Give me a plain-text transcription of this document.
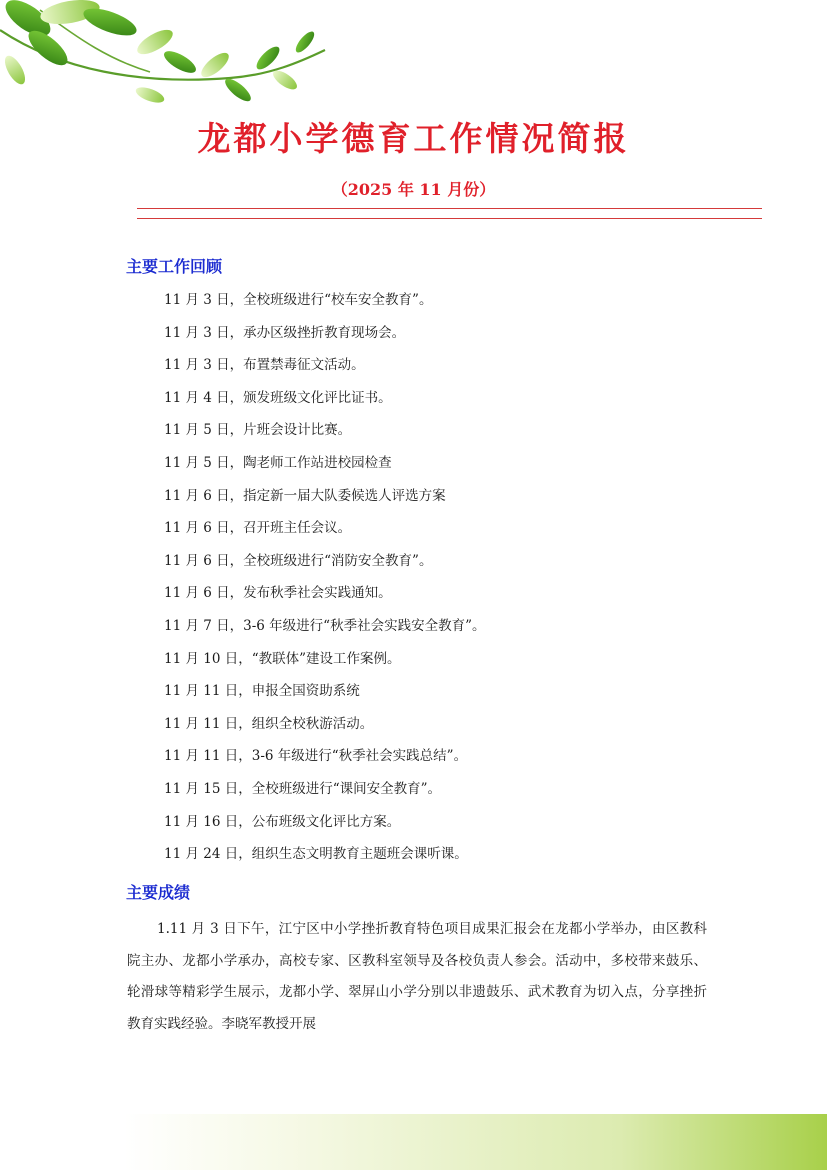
龙都小学德育工作情况简报
（2025 年 11 月份）
主要工作回顾
11 月 3 日，全校班级进行“校车安全教育”。
11 月 3 日，承办区级挫折教育现场会。
11 月 3 日，布置禁毒征文活动。
11 月 4 日，颁发班级文化评比证书。
11 月 5 日，片班会设计比赛。
11 月 5 日，陶老师工作站进校园检查
11 月 6 日，指定新一届大队委候选人评选方案
11 月 6 日，召开班主任会议。
11 月 6 日，全校班级进行“消防安全教育”。
11 月 6 日，发布秋季社会实践通知。
11 月 7 日，3-6 年级进行“秋季社会实践安全教育”。
11 月 10 日，“教联体”建设工作案例。
11 月 11 日，申报全国资助系统
11 月 11 日，组织全校秋游活动。
11 月 11 日，3-6 年级进行“秋季社会实践总结”。
11 月 15 日，全校班级进行“课间安全教育”。
11 月 16 日，公布班级文化评比方案。
11 月 24 日，组织生态文明教育主题班会课听课。
主要成绩

1.11 月 3 日下午，江宁区中小学挫折教育特色项目成果汇报会在龙都小学举办，由区教科院主办、龙都小学承办，高校专家、区教科室领导及各校负责人参会。活动中，多校带来鼓乐、轮滑球等精彩学生展示，龙都小学、翠屏山小学分别以非遗鼓乐、武术教育为切入点，分享挫折教育实践经验。李晓军教授开展
